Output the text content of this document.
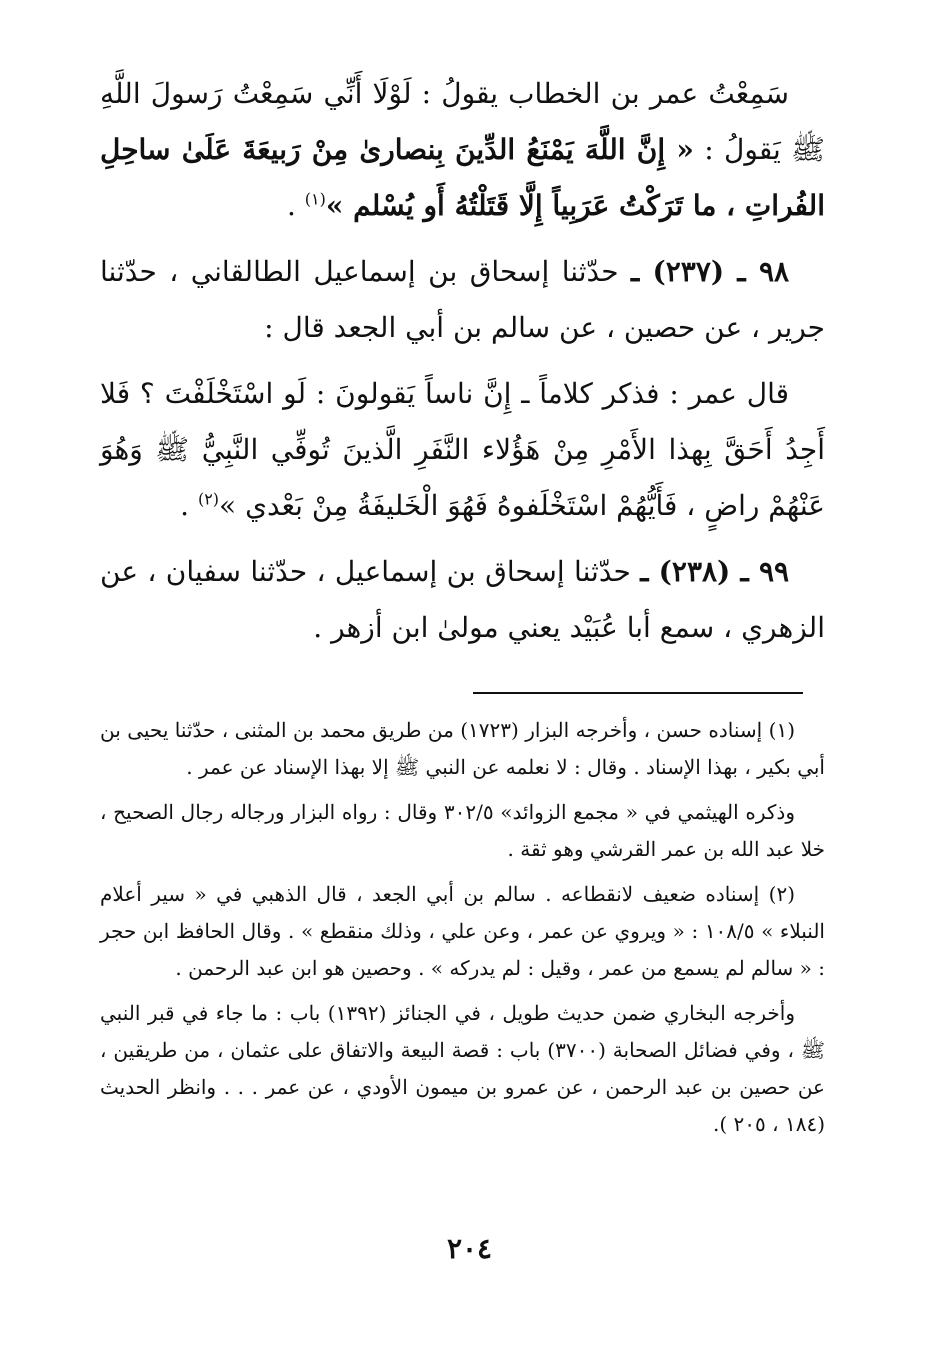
سَمِعْتُ عمر بن الخطاب يقولُ : لَوْلَا أَنِّي سَمِعْتُ رَسولَ اللَّهِ ﷺ يَقولُ : « إِنَّ اللَّهَ يَمْنَعُ الدِّينَ بِنصارىٰ مِنْ رَبيعَةَ عَلَىٰ ساحِلِ الفُراتِ ، ما تَرَكْتُ عَرَبِياً إِلَّا قَتَلْتُهُ أَو يُسْلم »$^{(١)}$ .

٩٨ ـ (٢٣٧) ـ حدّثنا إسحاق بن إسماعيل الطالقاني ، حدّثنا جرير ، عن حصين ، عن سالم بن أبي الجعد قال :

قال عمر : فذكر كلاماً ـ إِنَّ ناساً يَقولونَ : لَو اسْتَخْلَفْتَ ؟ فَلا أَجِدُ أَحَقَّ بِهذا الأَمْرِ مِنْ هَؤُلاء النَّفَرِ الَّذينَ تُوفِّي النَّبِيُّ ﷺ وَهُوَ عَنْهُمْ راضٍ ، فَأَيُّهُمْ اسْتَخْلَفوهُ فَهُوَ الْخَليفَةُ مِنْ بَعْدي »$^{(٢)}$ .

٩٩ ـ (٢٣٨) ـ حدّثنا إسحاق بن إسماعيل ، حدّثنا سفيان ، عن الزهري ، سمع أبا عُبَيْد يعني مولىٰ ابن أزهر .

(١) إسناده حسن ، وأخرجه البزار (١٧٢٣) من طريق محمد بن المثنى ، حدّثنا يحيى بن أبي بكير ، بهذا الإسناد . وقال : لا نعلمه عن النبي ﷺ إلا بهذا الإسناد عن عمر .

وذكره الهيثمي في « مجمع الزوائد» ٣٠٢/٥ وقال : رواه البزار ورجاله رجال الصحيح ، خلا عبد الله بن عمر القرشي وهو ثقة .

(٢) إسناده ضعيف لانقطاعه . سالم بن أبي الجعد ، قال الذهبي في « سير أعلام النبلاء » ١٠٨/٥ : « ويروي عن عمر ، وعن علي ، وذلك منقطع » . وقال الحافظ ابن حجر : « سالم لم يسمع من عمر ، وقيل : لم يدركه » . وحصين هو ابن عبد الرحمن .

وأخرجه البخاري ضمن حديث طويل ، في الجنائز (١٣٩٢) باب : ما جاء في قبر النبي ﷺ ، وفي فضائل الصحابة (٣٧٠٠) باب : قصة البيعة والاتفاق على عثمان ، من طريقين ، عن حصين بن عبد الرحمن ، عن عمرو بن ميمون الأودي ، عن عمر . . . وانظر الحديث (١٨٤ ، ٢٠٥ ).

٢٠٤
